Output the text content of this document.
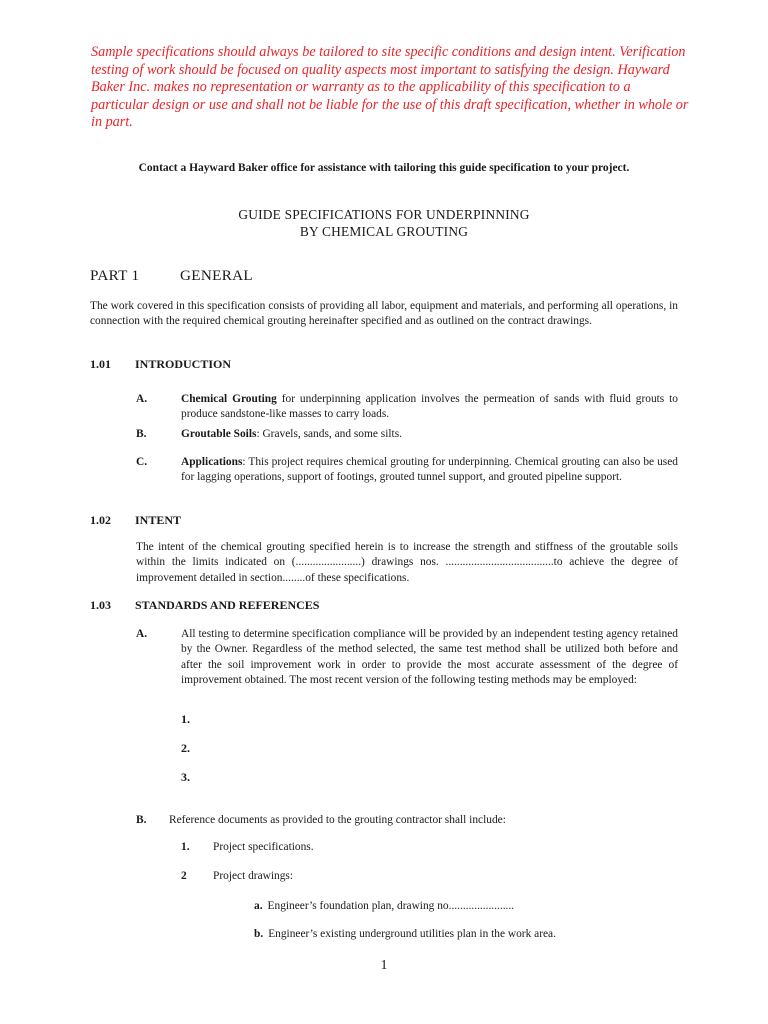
Sample specifications should always be tailored to site specific conditions and design intent. Verification testing of work should be focused on quality aspects most important to satisfying the design. Hayward Baker Inc. makes no representation or warranty as to the applicability of this specification to a particular design or use and shall not be liable for the use of this draft specification, whether in whole or in part.

Contact a Hayward Baker office for assistance with tailoring this guide specification to your project.
GUIDE SPECIFICATIONS FOR UNDERPINNING
BY CHEMICAL GROUTING
PART 1	GENERAL

The work covered in this specification consists of providing all labor, equipment and materials, and performing all operations, in connection with the required chemical grouting hereinafter specified and as outlined on the contract drawings.

1.01 INTRODUCTION
A.	Chemical Grouting for underpinning application involves the permeation of sands with fluid grouts to produce sandstone-like masses to carry loads.
B.	Groutable Soils: Gravels, sands, and some silts.
C.	Applications: This project requires chemical grouting for underpinning. Chemical grouting can also be used for lagging operations, support of footings, grouted tunnel support, and grouted pipeline support.
1.02 INTENT

The intent of the chemical grouting specified herein is to increase the strength and stiffness of the groutable soils within the limits indicated on (.......................) drawings nos. ......................................to achieve the degree of improvement detailed in section........of these specifications.

1.03 STANDARDS AND REFERENCES
A.	All testing to determine specification compliance will be provided by an independent testing agency retained by the Owner. Regardless of the method selected, the same test method shall be utilized both before and after the soil improvement work in order to provide the most accurate assessment of the degree of improvement obtained. The most recent version of the following testing methods may be employed:
1.
2.
3.
B. Reference documents as provided to the grouting contractor shall include:
1. Project specifications.
2 Project drawings:
a. Engineer’s foundation plan, drawing no.......................
b. Engineer’s existing underground utilities plan in the work area.
1
